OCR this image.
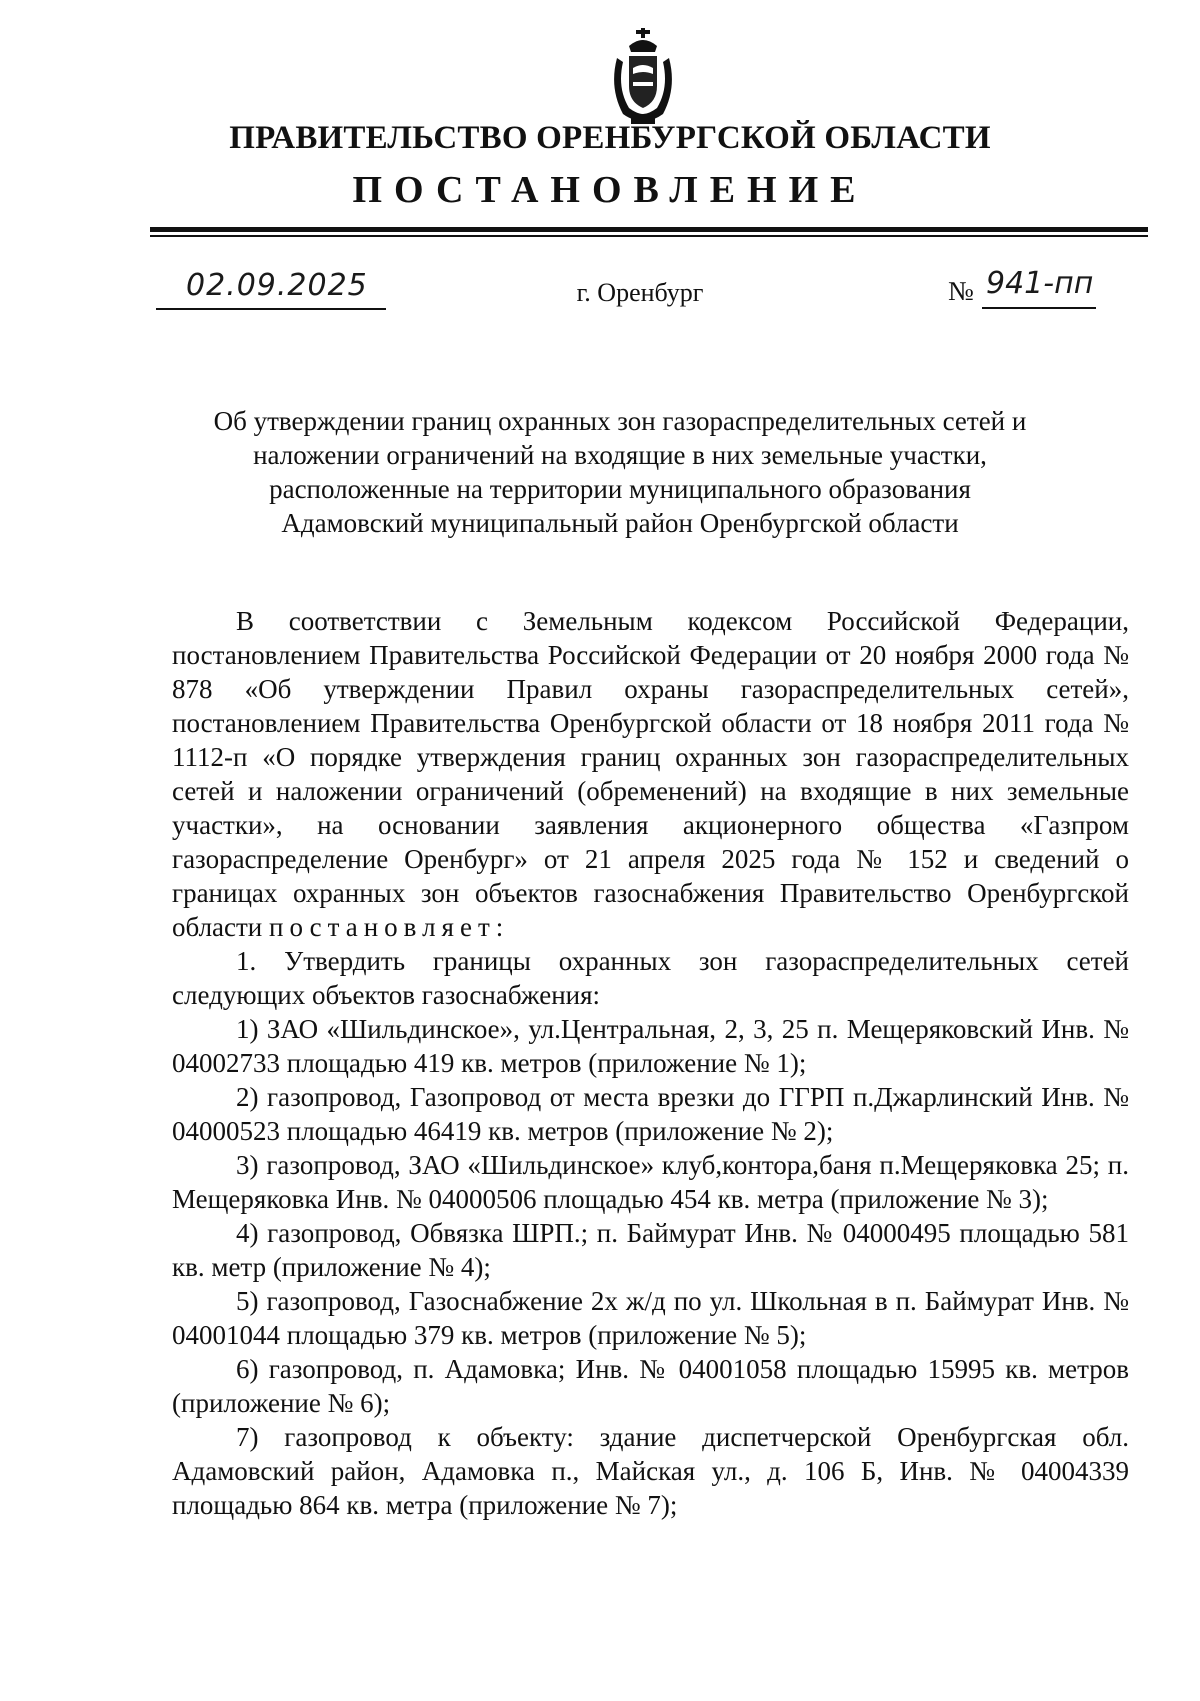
ПРАВИТЕЛЬСТВО ОРЕНБУРГСКОЙ ОБЛАСТИ
ПОСТАНОВЛЕНИЕ
02.09.2025	г. Оренбург	№ 941-пп
Об утверждении границ охранных зон газораспределительных сетей и
наложении ограничений на входящие в них земельные участки,
расположенные на территории муниципального образования
Адамовский муниципальный район Оренбургской области

В соответствии с Земельным кодексом Российской Федерации, постановлением Правительства Российской Федерации от 20 ноября 2000 года № 878 «Об утверждении Правил охраны газораспределительных сетей», постановлением Правительства Оренбургской области от 18 ноября 2011 года № 1112-п «О порядке утверждения границ охранных зон газораспределительных сетей и наложении ограничений (обременений) на входящие в них земельные участки», на основании заявления акционерного общества «Газпром газораспределение Оренбург» от 21 апреля 2025 года № 152 и сведений о границах охранных зон объектов газоснабжения Правительство Оренбургской области постановляет:

1. Утвердить границы охранных зон газораспределительных сетей следующих объектов газоснабжения:

1) ЗАО «Шильдинское», ул.Центральная, 2, 3, 25 п. Мещеряковский Инв. № 04002733 площадью 419 кв. метров (приложение № 1);

2) газопровод, Газопровод от места врезки до ГГРП п.Джарлинский Инв. № 04000523 площадью 46419 кв. метров (приложение № 2);

3) газопровод, ЗАО «Шильдинское» клуб,контора,баня п.Мещеряковка 25; п. Мещеряковка Инв. № 04000506 площадью 454 кв. метра (приложение № 3);

4) газопровод, Обвязка ШРП.; п. Баймурат Инв. № 04000495 площадью 581 кв. метр (приложение № 4);

5) газопровод, Газоснабжение 2х ж/д по ул. Школьная в п. Баймурат Инв. № 04001044 площадью 379 кв. метров (приложение № 5);

6) газопровод, п. Адамовка; Инв. № 04001058 площадью 15995 кв. метров (приложение № 6);

7) газопровод к объекту: здание диспетчерской Оренбургская обл. Адамовский район, Адамовка п., Майская ул., д. 106 Б, Инв. № 04004339 площадью 864 кв. метра (приложение № 7);
